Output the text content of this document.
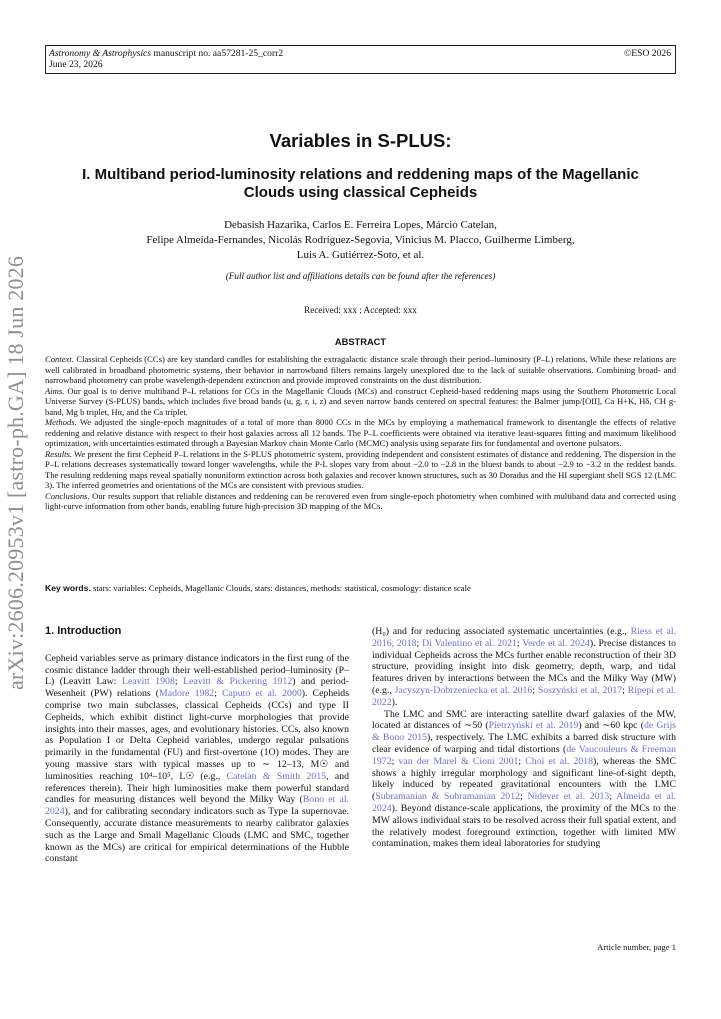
Astronomy & Astrophysics manuscript no. aa57281-25_corr2
June 23, 2026
©ESO 2026
arXiv:2606.20953v1 [astro-ph.GA] 18 Jun 2026
Variables in S-PLUS:
I. Multiband period-luminosity relations and reddening maps of the Magellanic Clouds using classical Cepheids
Debasish Hazarika, Carlos E. Ferreira Lopes, Márcio Catelan,
Felipe Almeida-Fernandes, Nicolás Rodríguez-Segovia, Vinicius M. Placco, Guilherme Limberg,
Luis A. Gutiérrez-Soto, et al.
(Full author list and affiliations details can be found after the references)
Received: xxx ; Accepted: xxx
ABSTRACT

Context. Classical Cepheids (CCs) are key standard candles for establishing the extragalactic distance scale through their period–luminosity (P–L) relations. While these relations are well calibrated in broadband photometric systems, their behavior in narrowband filters remains largely unexplored due to the lack of suitable observations. Combining broad- and narrowband photometry can probe wavelength-dependent extinction and provide improved constraints on the dust distribution.

Aims. Our goal is to derive multiband P–L relations for CCs in the Magellanic Clouds (MCs) and construct Cepheid-based reddening maps using the Southern Photometric Local Universe Survey (S-PLUS) bands, which includes five broad bands (u, g, r, i, z) and seven narrow bands centered on spectral features: the Balmer jump/[OII], Ca H+K, Hδ, CH g-band, Mg b triplet, Hα, and the Ca triplet.

Methods. We adjusted the single-epoch magnitudes of a total of more than 8000 CCs in the MCs by employing a mathematical framework to disentangle the effects of relative reddening and relative distance with respect to their host galaxies across all 12 bands. The P–L coefficients were obtained via iterative least-squares fitting and maximum likelihood optimization, with uncertainties estimated through a Bayesian Markov chain Monte Carlo (MCMC) analysis using separate fits for fundamental and overtone pulsators.

Results. We present the first Cepheid P–L relations in the S-PLUS photometric system, providing independent and consistent estimates of distance and reddening. The dispersion in the P–L relations decreases systematically toward longer wavelengths, while the P-L slopes vary from about −2.0 to −2.8 in the bluest bands to about −2.9 to −3.2 in the reddest bands. The resulting reddening maps reveal spatially nonuniform extinction across both galaxies and recover known structures, such as 30 Doradus and the HI supergiant shell SGS 12 (LMC 3). The inferred geometries and orientations of the MCs are consistent with previous studies.

Conclusions. Our results support that reliable distances and reddening can be recovered even from single-epoch photometry when combined with multiband data and corrected using light-curve information from other bands, enabling future high-precision 3D mapping of the MCs.

Key words. stars: variables: Cepheids, Magellanic Clouds, stars: distances, methods: statistical, cosmology: distance scale
1. Introduction

Cepheid variables serve as primary distance indicators in the first rung of the cosmic distance ladder through their well-established period–luminosity (P–L) (Leavitt Law: Leavitt 1908; Leavitt & Pickering 1912) and period-Wesenheit (PW) relations (Madore 1982; Caputo et al. 2000). Cepheids comprise two main subclasses, classical Cepheids (CCs) and type II Cepheids, which exhibit distinct light-curve morphologies that provide insights into their masses, ages, and evolutionary histories. CCs, also known as Population I or Delta Cepheid variables, undergo regular pulsations primarily in the fundamental (FU) and first-overtone (1O) modes. They are young massive stars with typical masses up to ∼ 12–13, M☉ and luminosities reaching 10⁴–10⁵, L☉ (e.g., Catelan & Smith 2015, and references therein). Their high luminosities make them powerful standard candles for measuring distances well beyond the Milky Way (Bono et al. 2024), and for calibrating secondary indicators such as Type Ia supernovae. Consequently, accurate distance measurements to nearby calibrator galaxies such as the Large and Small Magellanic Clouds (LMC and SMC, together known as the MCs) are critical for empirical determinations of the Hubble constant

(H₀) and for reducing associated systematic uncertainties (e.g., Riess et al. 2016, 2018; Di Valentino et al. 2021; Verde et al. 2024). Precise distances to individual Cepheids across the MCs further enable reconstruction of their 3D structure, providing insight into disk geometry, depth, warp, and tidal features driven by interactions between the MCs and the Milky Way (MW) (e.g., Jacyszyn-Dobrzeniecka et al. 2016; Soszyński et al. 2017; Ripepi et al. 2022).

The LMC and SMC are interacting satellite dwarf galaxies of the MW, located at distances of ∼50 (Pietrzyński et al. 2019) and ∼60 kpc (de Grijs & Bono 2015), respectively. The LMC exhibits a barred disk structure with clear evidence of warping and tidal distortions (de Vaucouleurs & Freeman 1972; van der Marel & Cioni 2001; Choi et al. 2018), whereas the SMC shows a highly irregular morphology and significant line-of-sight depth, likely induced by repeated gravitational encounters with the LMC (Subramanian & Subramanian 2012; Nidever et al. 2013; Almeida et al. 2024). Beyond distance-scale applications, the proximity of the MCs to the MW allows individual stars to be resolved across their full spatial extent, and the relatively modest foreground extinction, together with limited MW contamination, makes them ideal laboratories for studying

Article number, page 1
